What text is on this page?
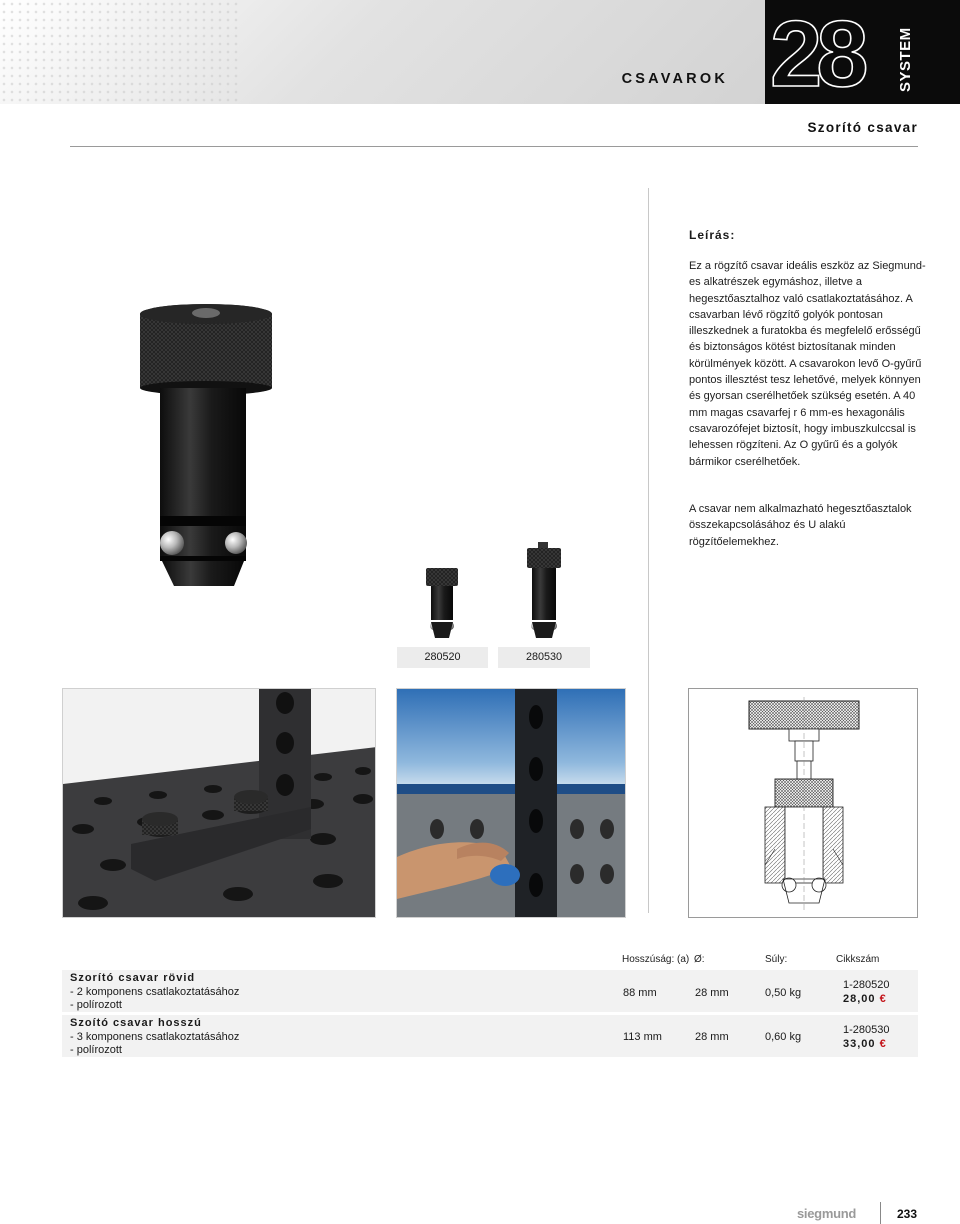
CSAVAROK 28 SYSTEM
Szorító csavar
280520	280530
Leírás:
Ez a rögzítő csavar ideális eszköz az Siegmund-es alkatrészek egymáshoz, illetve a hegesztőasztalhoz való csatlakoztatásához. A csavarban lévő rögzítő golyók pontosan illeszkednek a furatokba és megfelelő erősségű és biztonságos kötést biztosítanak minden körülmények között. A csavarokon levő O-gyűrű pontos illesztést tesz lehetővé, melyek könnyen és gyorsan cserélhetőek szükség esetén. A 40 mm magas csavarfej r 6 mm-es hexagonális csavarozófejet biztosít, hogy imbuszkulccsal is lehessen rögzíteni. Az O gyűrű és a golyók bármikor cserélhetőek.
A csavar nem alkalmazható hegesztőasztalok összekapcsolásához és U alakú rögzítőelemekhez.
Hosszúság: (a) Ø:	Súly:	Cikkszám
Szorító csavar rövid
- 2 komponens csatlakoztatásához
- polírozott
88 mm	28 mm	0,50 kg
1-280520
28,00 €
Szoító csavar hosszú
- 3 komponens csatlakoztatásához
- polírozott
113 mm	28 mm	0,60 kg
1-280530
33,00 €
siegmund	233
